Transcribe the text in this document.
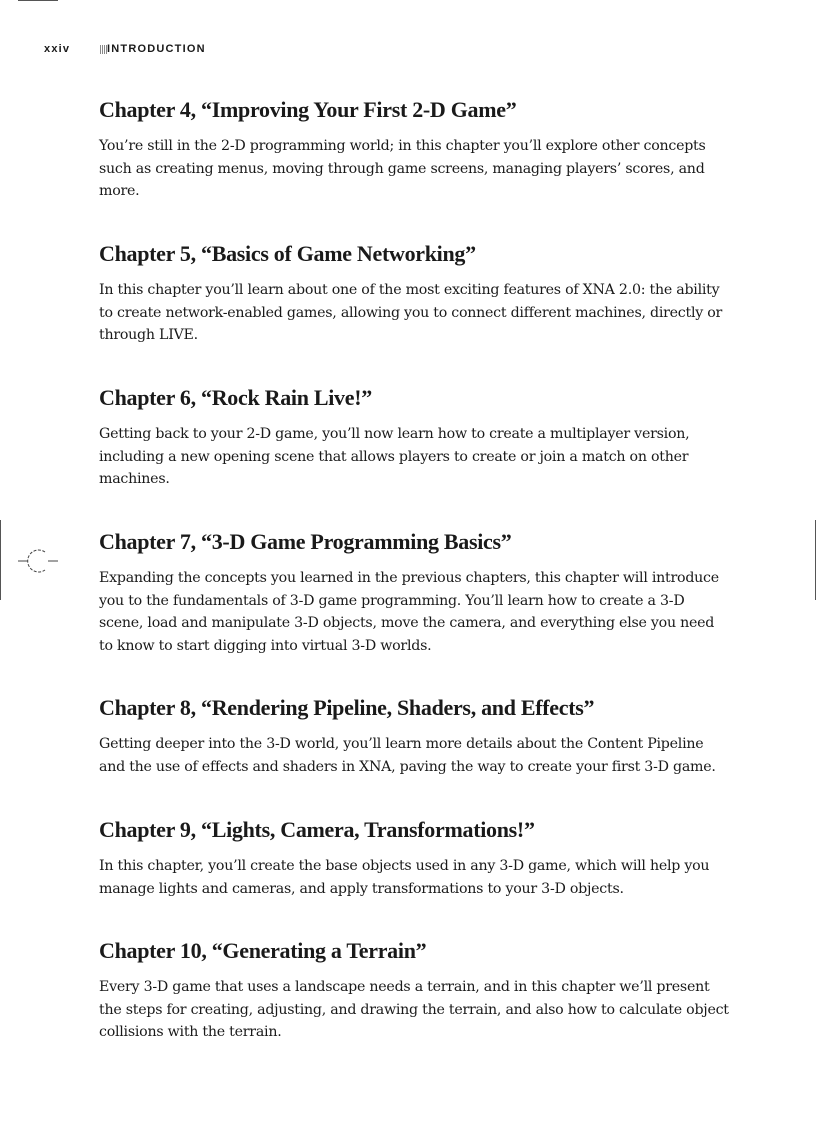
xxiv	INTRODUCTION
Chapter 4, “Improving Your First 2-D Game”

You’re still in the 2-D programming world; in this chapter you’ll explore other concepts such as creating menus, moving through game screens, managing players’ scores, and more.

Chapter 5, “Basics of Game Networking”

In this chapter you’ll learn about one of the most exciting features of XNA 2.0: the ability to create network-enabled games, allowing you to connect different machines, directly or through LIVE.

Chapter 6, “Rock Rain Live!”

Getting back to your 2-D game, you’ll now learn how to create a multiplayer version, including a new opening scene that allows players to create or join a match on other machines.

Chapter 7, “3-D Game Programming Basics”

Expanding the concepts you learned in the previous chapters, this chapter will introduce you to the fundamentals of 3-D game programming. You’ll learn how to create a 3-D scene, load and manipulate 3-D objects, move the camera, and everything else you need to know to start digging into virtual 3-D worlds.

Chapter 8, “Rendering Pipeline, Shaders, and Effects”

Getting deeper into the 3-D world, you’ll learn more details about the Content Pipeline and the use of effects and shaders in XNA, paving the way to create your first 3-D game.

Chapter 9, “Lights, Camera, Transformations!”

In this chapter, you’ll create the base objects used in any 3-D game, which will help you manage lights and cameras, and apply transformations to your 3-D objects.

Chapter 10, “Generating a Terrain”

Every 3-D game that uses a landscape needs a terrain, and in this chapter we’ll present the steps for creating, adjusting, and drawing the terrain, and also how to calculate object collisions with the terrain.
